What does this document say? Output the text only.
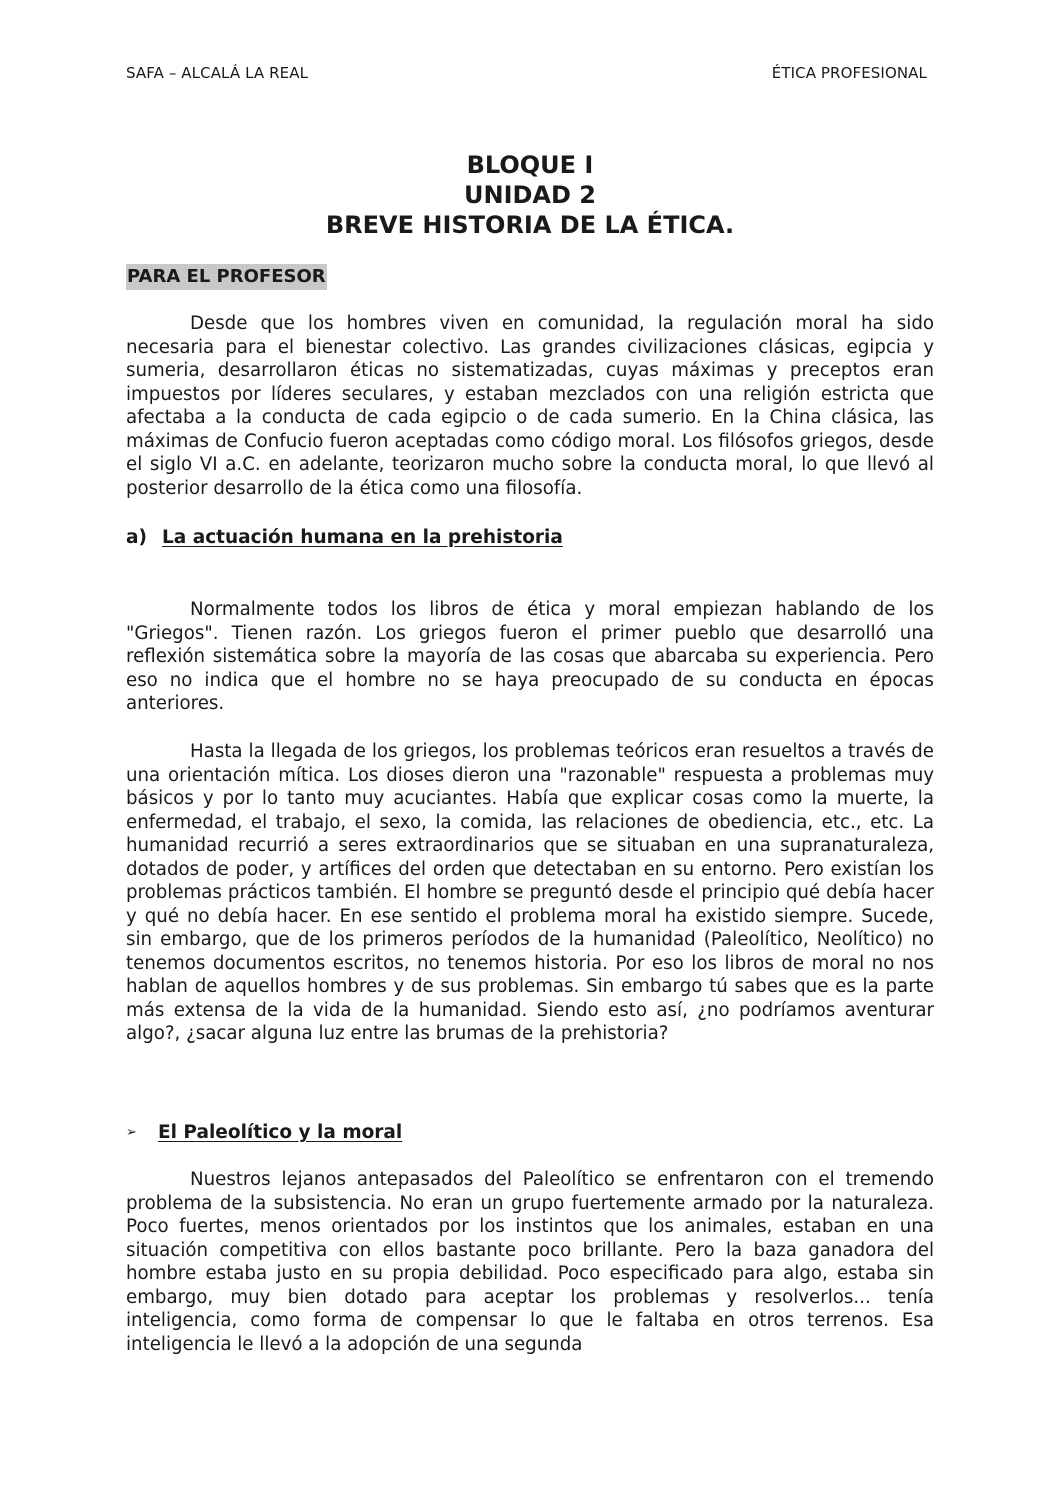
SAFA – ALCALÁ LA REAL	ÉTICA PROFESIONAL
BLOQUE I
UNIDAD 2
BREVE HISTORIA DE LA ÉTICA.
PARA EL PROFESOR

Desde que los hombres viven en comunidad, la regulación moral ha sido necesaria para el bienestar colectivo. Las grandes civilizaciones clásicas, egipcia y sumeria, desarrollaron éticas no sistematizadas, cuyas máximas y preceptos eran impuestos por líderes seculares, y estaban mezclados con una religión estricta que afectaba a la conducta de cada egipcio o de cada sumerio. En la China clásica, las máximas de Confucio fueron aceptadas como código moral. Los filósofos griegos, desde el siglo VI a.C. en adelante, teorizaron mucho sobre la conducta moral, lo que llevó al posterior desarrollo de la ética como una filosofía.

a) La actuación humana en la prehistoria

Normalmente todos los libros de ética y moral empiezan hablando de los "Griegos". Tienen razón. Los griegos fueron el primer pueblo que desarrolló una reflexión sistemática sobre la mayoría de las cosas que abarcaba su experiencia. Pero eso no indica que el hombre no se haya preocupado de su conducta en épocas anteriores.

Hasta la llegada de los griegos, los problemas teóricos eran resueltos a través de una orientación mítica. Los dioses dieron una "razonable" respuesta a problemas muy básicos y por lo tanto muy acuciantes. Había que explicar cosas como la muerte, la enfermedad, el trabajo, el sexo, la comida, las relaciones de obediencia, etc., etc. La humanidad recurrió a seres extraordinarios que se situaban en una supranaturaleza, dotados de poder, y artífices del orden que detectaban en su entorno. Pero existían los problemas prácticos también. El hombre se preguntó desde el principio qué debía hacer y qué no debía hacer. En ese sentido el problema moral ha existido siempre. Sucede, sin embargo, que de los primeros períodos de la humanidad (Paleolítico, Neolítico) no tenemos documentos escritos, no tenemos historia. Por eso los libros de moral no nos hablan de aquellos hombres y de sus problemas. Sin embargo tú sabes que es la parte más extensa de la vida de la humanidad. Siendo esto así, ¿no podríamos aventurar algo?, ¿sacar alguna luz entre las brumas de la prehistoria?

➢ El Paleolítico y la moral

Nuestros lejanos antepasados del Paleolítico se enfrentaron con el tremendo problema de la subsistencia. No eran un grupo fuertemente armado por la naturaleza. Poco fuertes, menos orientados por los instintos que los animales, estaban en una situación competitiva con ellos bastante poco brillante. Pero la baza ganadora del hombre estaba justo en su propia debilidad. Poco especificado para algo, estaba sin embargo, muy bien dotado para aceptar los problemas y resolverlos... tenía inteligencia, como forma de compensar lo que le faltaba en otros terrenos. Esa inteligencia le llevó a la adopción de una segunda
